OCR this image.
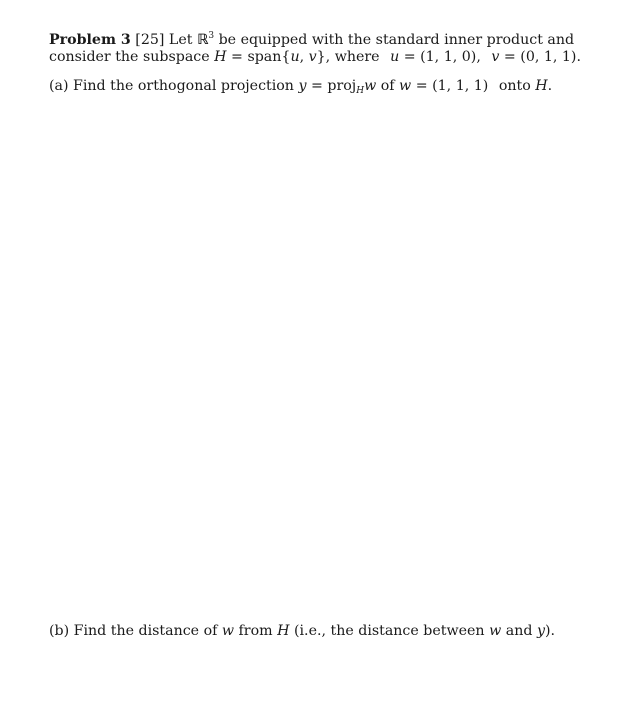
Problem 3 [25] Let ℝ$^3$ be equipped with the standard inner product and
consider the subspace H = span{u, v}, where u = (1, 1, 0), v = (0, 1, 1).
(a) Find the orthogonal projection y = proj$_H$w of w = (1, 1, 1) onto H.
(b) Find the distance of w from H (i.e., the distance between w and y).
